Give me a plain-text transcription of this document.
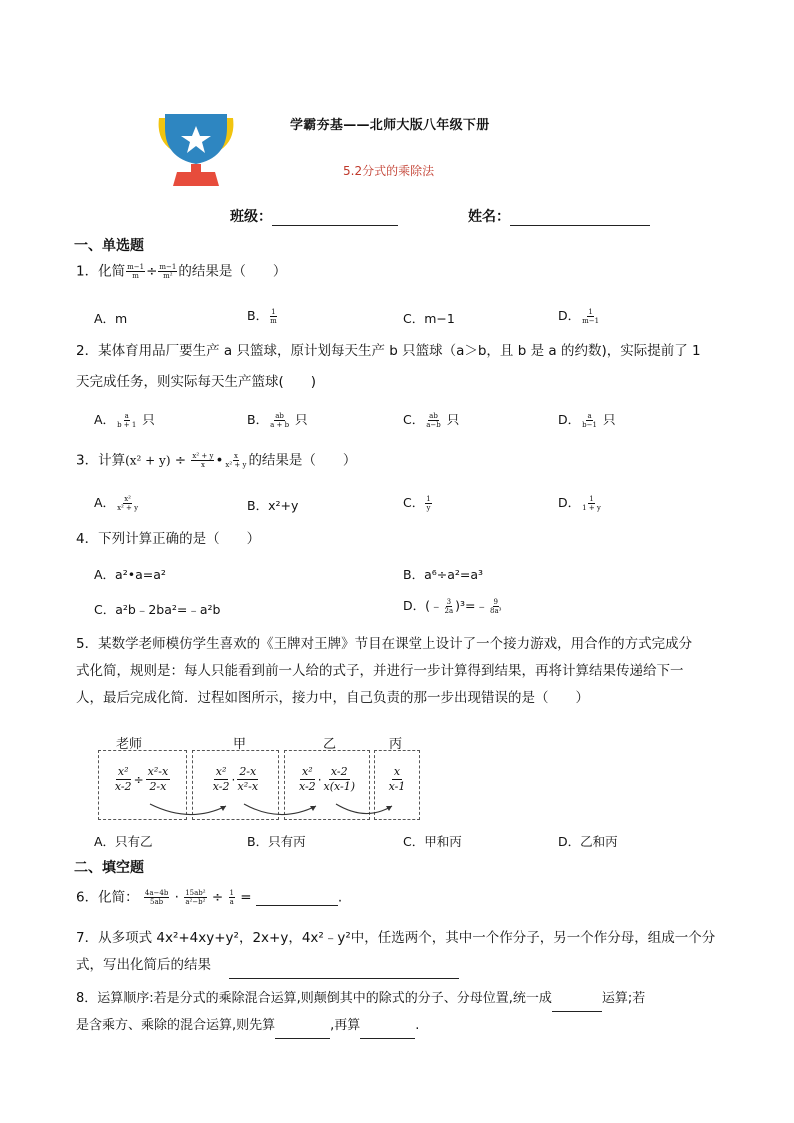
学霸夯基——北师大版八年级下册
5.2分式的乘除法
班级：	姓名：
一、单选题
1．化简 $\frac{m-1}{m} \div \frac{m-1}{\text{m²}}$ 的结果是（　　）
A．m	B． $\frac{1}{m}$	C．m−1	D． $\frac{1}{m-1}$
2．某体育用品厂要生产 a 只篮球，原计划每天生产 b 只篮球（a＞b，且 b 是 a 的约数)，实际提前了 1
天完成任务，则实际每天生产篮球(　　)
A． $\frac{a}{b + 1}$ 只	B． $\frac{ab}{a + b}$ 只	C． $\frac{ab}{a-b}$ 只	D． $\frac{a}{b-1}$ 只
3．计算$(x^2 + y) \div \frac{\text{x² + y}}{x}$ • $\frac{x}{\text{x² + y}}$ 的结果是（　　）
A． $\frac{\text{x²}}{\text{x² + y}}$	B．x²+y	C． $\frac{1}{y}$	D． $\frac{1}{1 + y}$
4．下列计算正确的是（　　）
A．a²•a=a²	B．a⁶÷a²=a³
C．a²b﹣2ba²=﹣a²b	D．(﹣ $\frac{3}{2a}$ )³=﹣ $\frac{9}{\text{8a³}}$
5．某数学老师模仿学生喜欢的《王牌对王牌》节目在课堂上设计了一个接力游戏，用合作的方式完成分
式化简，规则是：每人只能看到前一人给的式子，并进行一步计算得到结果，再将计算结果传递给下一
人，最后完成化简．过程如图所示，接力中，自己负责的那一步出现错误的是（　　）
老师	甲	乙	丙
$\frac{\text{x²}}{x-2} \div \frac{\text{x²-x}}{2-x}$	$\frac{\text{x²}}{x-2} \cdot \frac{2-x}{\text{x²-x}}$	$\frac{\text{x²}}{x-2} \cdot \frac{x-2}{x(x-1)}$	$\frac{x}{x-1}$
A．只有乙	B．只有丙	C．甲和丙	D．乙和丙
二、填空题
6．化简： $\frac{4a-4b}{5ab} \cdot \frac{\text{15ab²}}{\text{a²−b²}} \div \frac{1}{a}$ =	.
7．从多项式 4x²+4xy+y²，2x+y，4x²﹣y²中，任选两个，其中一个作分子，另一个作分母，组成一个分
式，写出化简后的结果
8．运算顺序:若是分式的乘除混合运算,则颠倒其中的除式的分子、分母位置,统一成	运算;若
是含乘方、乘除的混合运算,则先算	,再算	.
